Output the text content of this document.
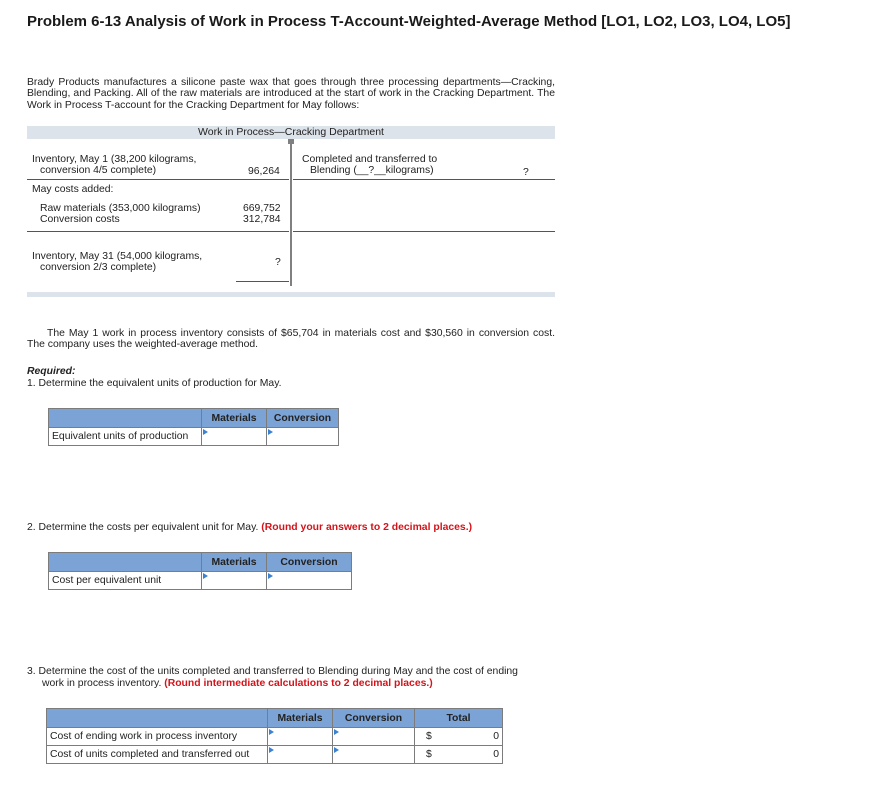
Problem 6-13 Analysis of Work in Process T-Account-Weighted-Average Method [LO1, LO2, LO3, LO4, LO5]
Brady Products manufactures a silicone paste wax that goes through three processing departments—Cracking, Blending, and Packing. All of the raw materials are introduced at the start of work in the Cracking Department. The Work in Process T-account for the Cracking Department for May follows:
Work in Process—Cracking Department
Inventory, May 1 (38,200 kilograms,
conversion 4/5 complete)	96,264
Completed and transferred to
Blending (__?__kilograms)	?
May costs added:
Raw materials (353,000 kilograms)	669,752
Conversion costs	312,784
Inventory, May 31 (54,000 kilograms,
conversion 2/3 complete)	?
The May 1 work in process inventory consists of $65,704 in materials cost and $30,560 in conversion cost. The company uses the weighted-average method.
Required:
1. Determine the equivalent units of production for May.
	Materials	Conversion
Equivalent units of production	

2. Determine the costs per equivalent unit for May. (Round your answers to 2 decimal places.)
	Materials	Conversion
Cost per equivalent unit	

3. Determine the cost of the units completed and transferred to Blending during May and the cost of ending
work in process inventory. (Round intermediate calculations to 2 decimal places.)
	Materials	Conversion	Total
Cost of ending work in process inventory			$ 0
Cost of units completed and transferred out			$ 0
